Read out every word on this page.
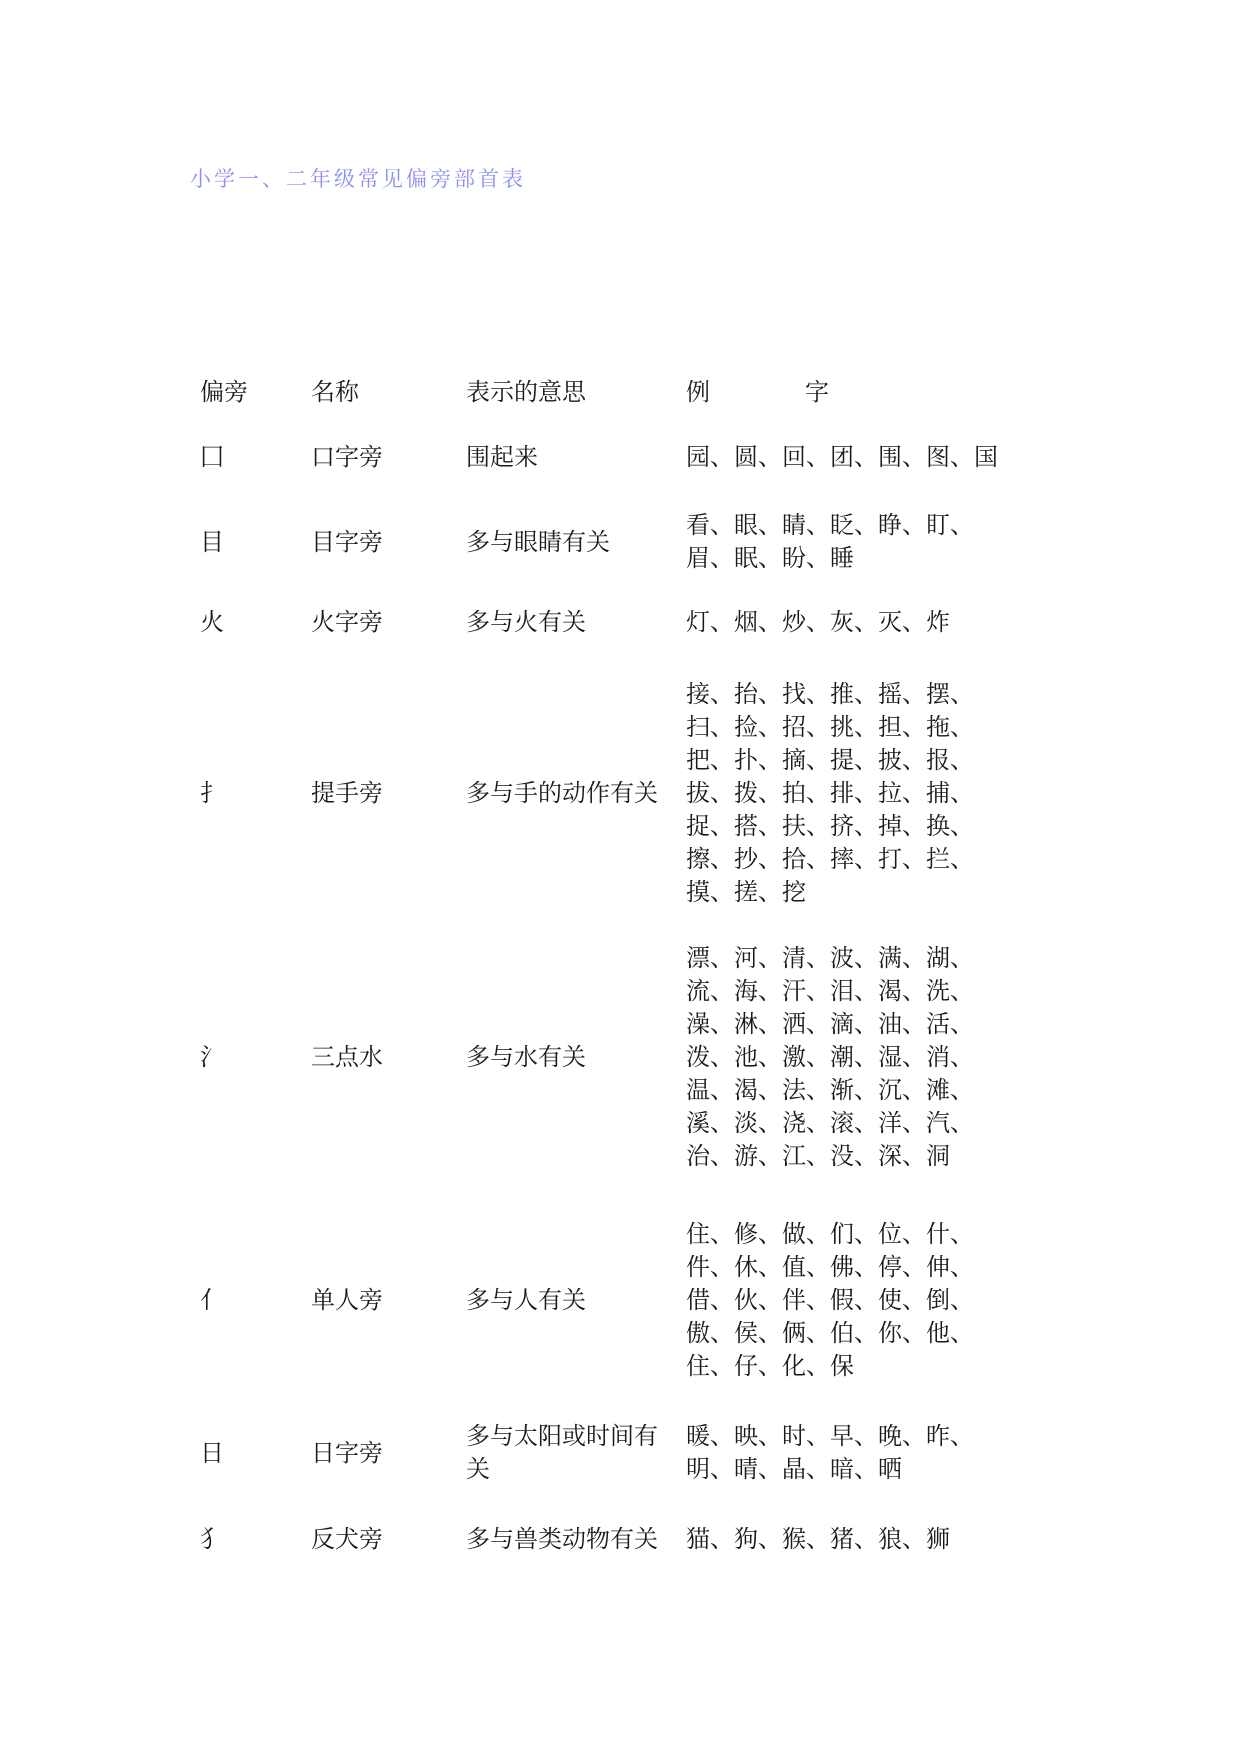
小学一、二年级常见偏旁部首表
偏旁	名称	表示的意思	例 字
囗	口字旁	围起来	园、圆、回、团、围、图、国
目	目字旁	多与眼睛有关	看、眼、睛、眨、睁、盯、眉、眠、盼、睡
火	火字旁	多与火有关	灯、烟、炒、灰、灭、炸
扌	提手旁	多与手的动作有关	接、抬、找、推、摇、摆、扫、捡、招、挑、担、拖、把、扑、摘、提、披、报、拔、拨、拍、排、拉、捕、捉、搭、扶、挤、掉、换、擦、抄、拾、摔、打、拦、摸、搓、挖
氵	三点水	多与水有关	漂、河、清、波、满、湖、流、海、汗、泪、渴、洗、澡、淋、洒、滴、油、活、泼、池、激、潮、湿、消、温、渴、法、渐、沉、滩、溪、淡、浇、滚、洋、汽、治、游、江、没、深、洞
亻	单人旁	多与人有关	住、修、做、们、位、什、件、休、值、佛、停、伸、借、伙、伴、假、使、倒、傲、侯、俩、伯、你、他、住、仔、化、保
日	日字旁	多与太阳或时间有关	暖、映、时、早、晚、昨、明、晴、晶、暗、晒
犭	反犬旁	多与兽类动物有关	猫、狗、猴、猪、狼、狮
